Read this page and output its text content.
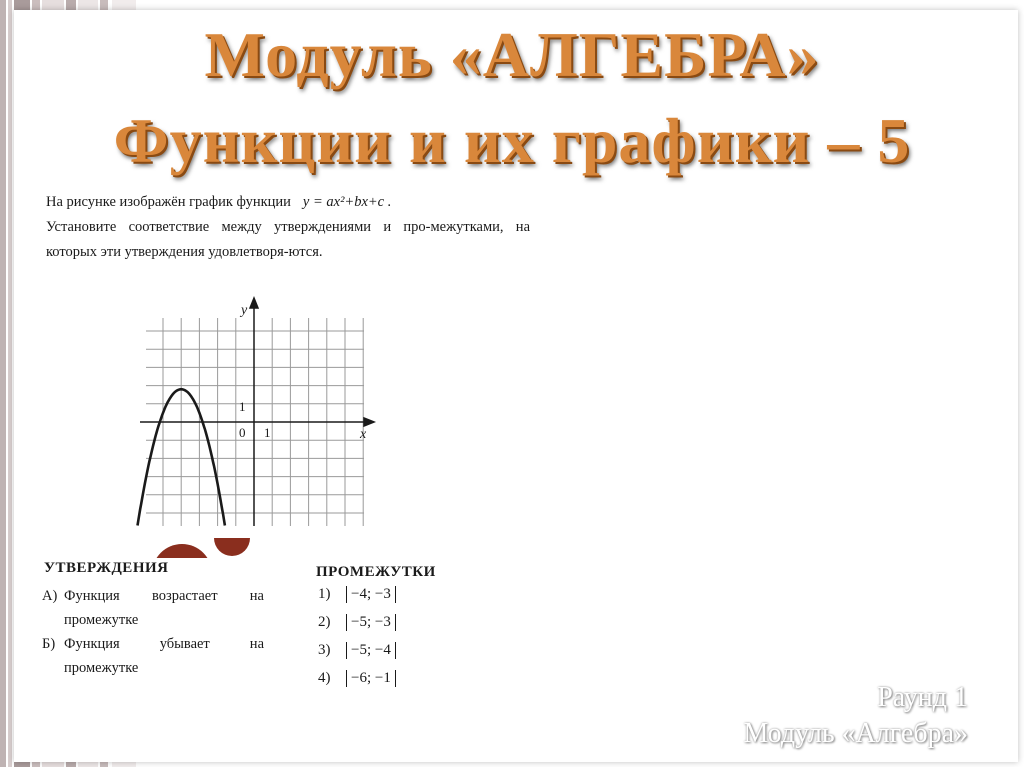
Модуль «АЛГЕБРА»
Функции и их графики – 5

На рисунке изображён график функции y = ax²+bx+c .

Установите соответствие между утверждениями и про-межутками, на которых эти утверждения удовлетворя-ются.

y
x
0 1
1
УТВЕРЖДЕНИЯ
А) Функция возрастает на промежутке
Б) Функция убывает на промежутке
ПРОМЕЖУТКИ
1) −4; −3
2) −5; −3
3) −5; −4
4) −6; −1
Раунд 1
Модуль «Алгебра»
